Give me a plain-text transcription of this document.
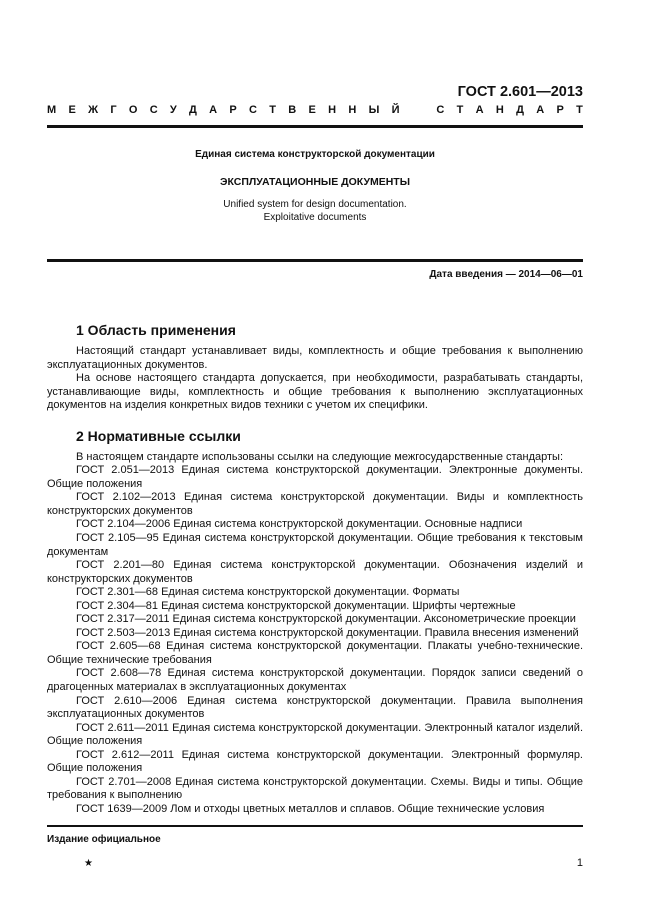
ГОСТ 2.601—2013
М Е Ж Г О С У Д А Р С Т В Е Н Н Ы Й	С Т А Н Д А Р Т
Единая система конструкторской документации
ЭКСПЛУАТАЦИОННЫЕ ДОКУМЕНТЫ
Unified system for design documentation.
Exploitative documents
Дата введения — 2014—06—01
1 Область применения

Настоящий стандарт устанавливает виды, комплектность и общие требования к выполнению эксплуатационных документов.

На основе настоящего стандарта допускается, при необходимости, разрабатывать стандарты, устанавливающие виды, комплектность и общие требования к выполнению эксплуатационных документов на изделия конкретных видов техники с учетом их специфики.

2 Нормативные ссылки

В настоящем стандарте использованы ссылки на следующие межгосударственные стандарты:

ГОСТ 2.051—2013 Единая система конструкторской документации. Электронные документы. Общие положения

ГОСТ 2.102—2013 Единая система конструкторской документации. Виды и комплектность конструкторских документов

ГОСТ 2.104—2006 Единая система конструкторской документации. Основные надписи

ГОСТ 2.105—95 Единая система конструкторской документации. Общие требования к текстовым документам

ГОСТ 2.201—80 Единая система конструкторской документации. Обозначения изделий и конструкторских документов

ГОСТ 2.301—68 Единая система конструкторской документации. Форматы

ГОСТ 2.304—81 Единая система конструкторской документации. Шрифты чертежные

ГОСТ 2.317—2011 Единая система конструкторской документации. Аксонометрические проекции

ГОСТ 2.503—2013 Единая система конструкторской документации. Правила внесения изменений

ГОСТ 2.605—68 Единая система конструкторской документации. Плакаты учебно-технические. Общие технические требования

ГОСТ 2.608—78 Единая система конструкторской документации. Порядок записи сведений о драгоценных материалах в эксплуатационных документах

ГОСТ 2.610—2006 Единая система конструкторской документации. Правила выполнения эксплуатационных документов

ГОСТ 2.611—2011 Единая система конструкторской документации. Электронный каталог изделий. Общие положения

ГОСТ 2.612—2011 Единая система конструкторской документации. Электронный формуляр. Общие положения

ГОСТ 2.701—2008 Единая система конструкторской документации. Схемы. Виды и типы. Общие требования к выполнению

ГОСТ 1639—2009 Лом и отходы цветных металлов и сплавов. Общие технические условия

Издание официальное
★	1
